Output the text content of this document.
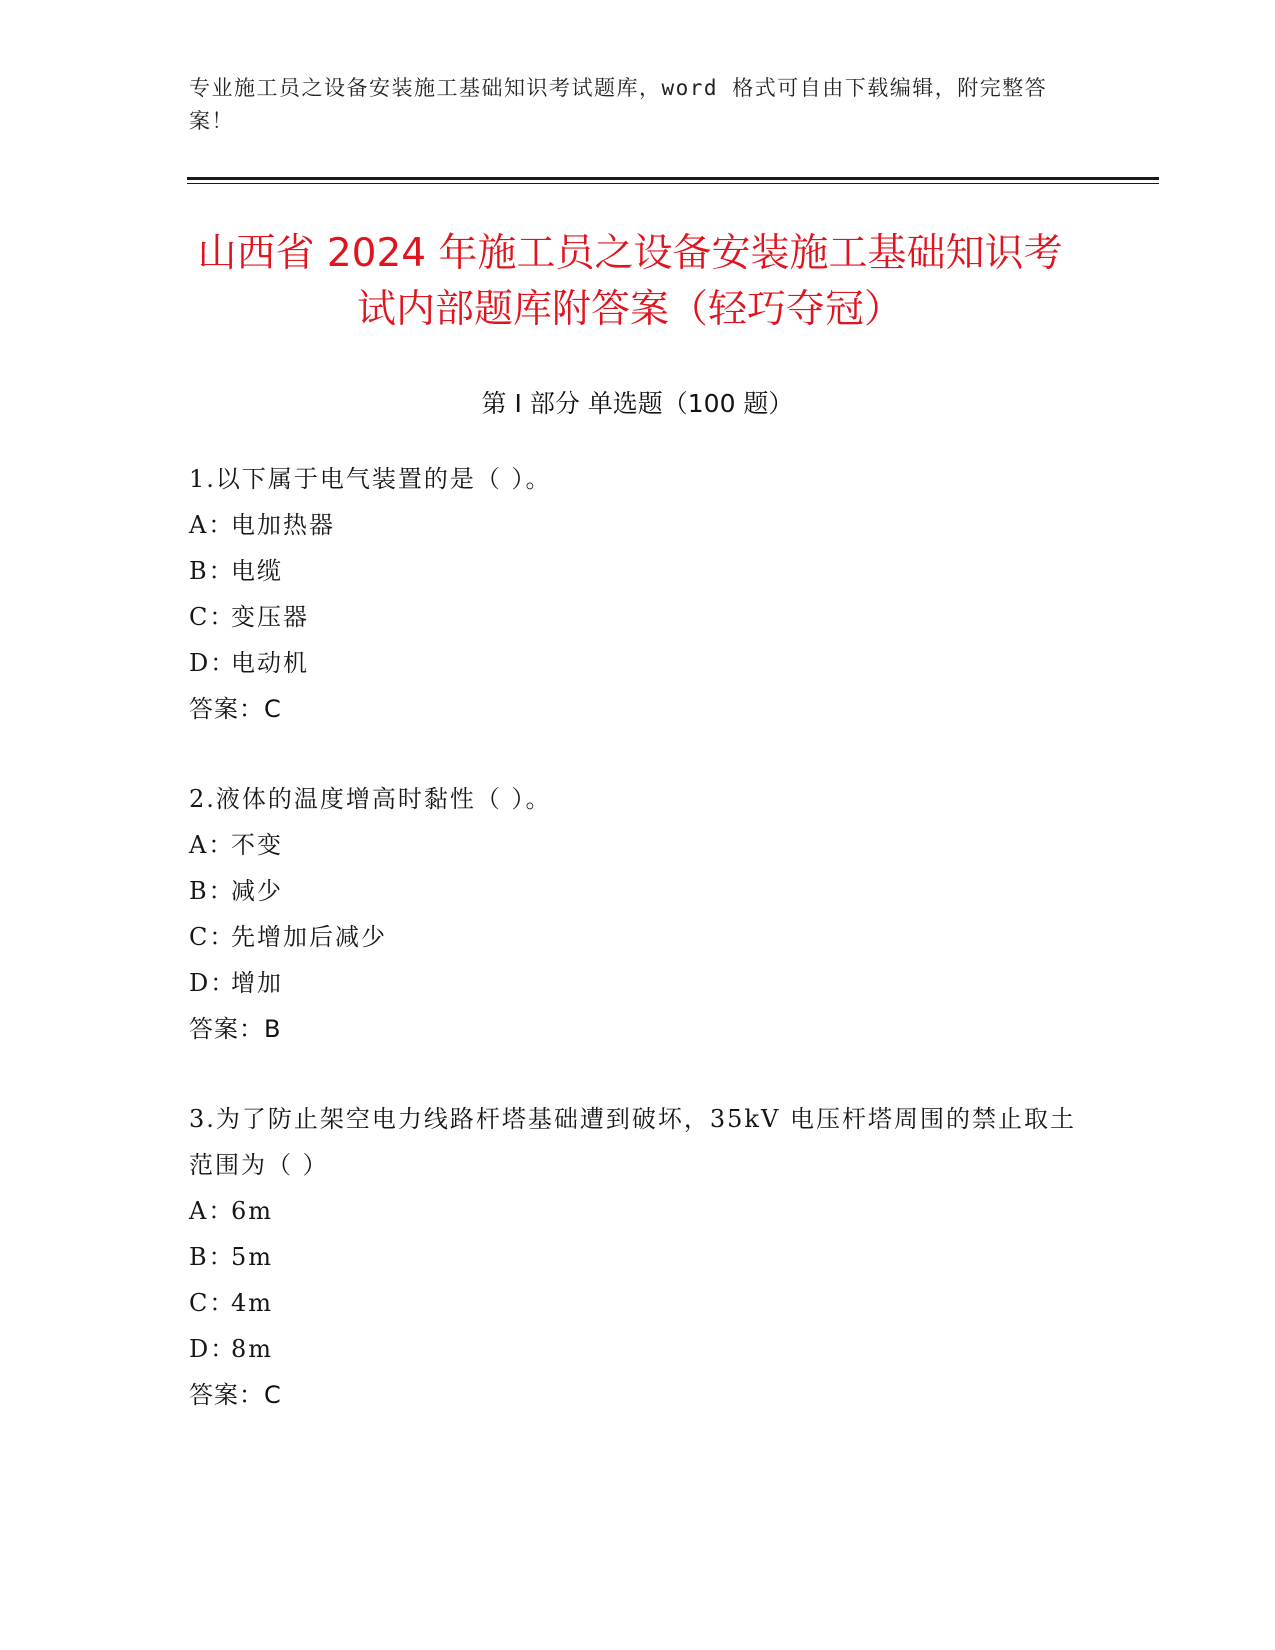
专业施工员之设备安装施工基础知识考试题库，word 格式可自由下载编辑，附完整答案！
山西省 2024 年施工员之设备安装施工基础知识考试内部题库附答案（轻巧夺冠）
第 I 部分 单选题（100 题）
1.以下属于电气装置的是（ ）。
A：电加热器
B：电缆
C：变压器
D：电动机
答案：C
2.液体的温度增高时黏性（ ）。
A：不变
B：减少
C：先增加后减少
D：增加
答案：B
3.为了防止架空电力线路杆塔基础遭到破坏，35kV 电压杆塔周围的禁止取土范围为（ ）
A：6m
B：5m
C：4m
D：8m
答案：C
